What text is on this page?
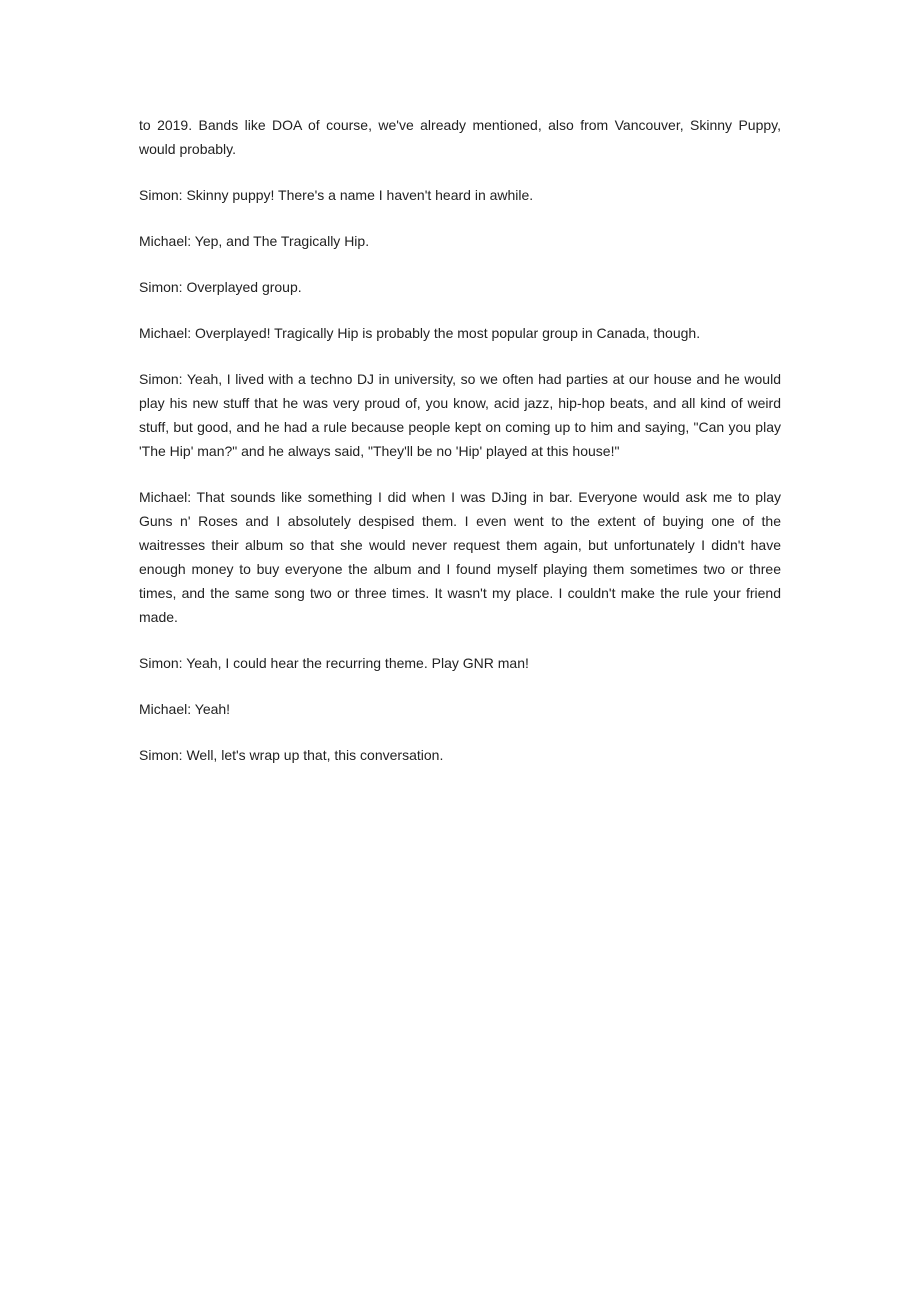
to 2019. Bands like DOA of course, we've already mentioned, also from Vancouver, Skinny Puppy, would probably.

Simon: Skinny puppy! There's a name I haven't heard in awhile.

Michael: Yep, and The Tragically Hip.

Simon: Overplayed group.

Michael: Overplayed! Tragically Hip is probably the most popular group in Canada, though.

Simon: Yeah, I lived with a techno DJ in university, so we often had parties at our house and he would play his new stuff that he was very proud of, you know, acid jazz, hip-hop beats, and all kind of weird stuff, but good, and he had a rule because people kept on coming up to him and saying, "Can you play 'The Hip' man?" and he always said, "They'll be no 'Hip' played at this house!"

Michael: That sounds like something I did when I was DJing in bar. Everyone would ask me to play Guns n' Roses and I absolutely despised them. I even went to the extent of buying one of the waitresses their album so that she would never request them again, but unfortunately I didn't have enough money to buy everyone the album and I found myself playing them sometimes two or three times, and the same song two or three times. It wasn't my place. I couldn't make the rule your friend made.

Simon: Yeah, I could hear the recurring theme. Play GNR man!

Michael: Yeah!

Simon: Well, let's wrap up that, this conversation.
